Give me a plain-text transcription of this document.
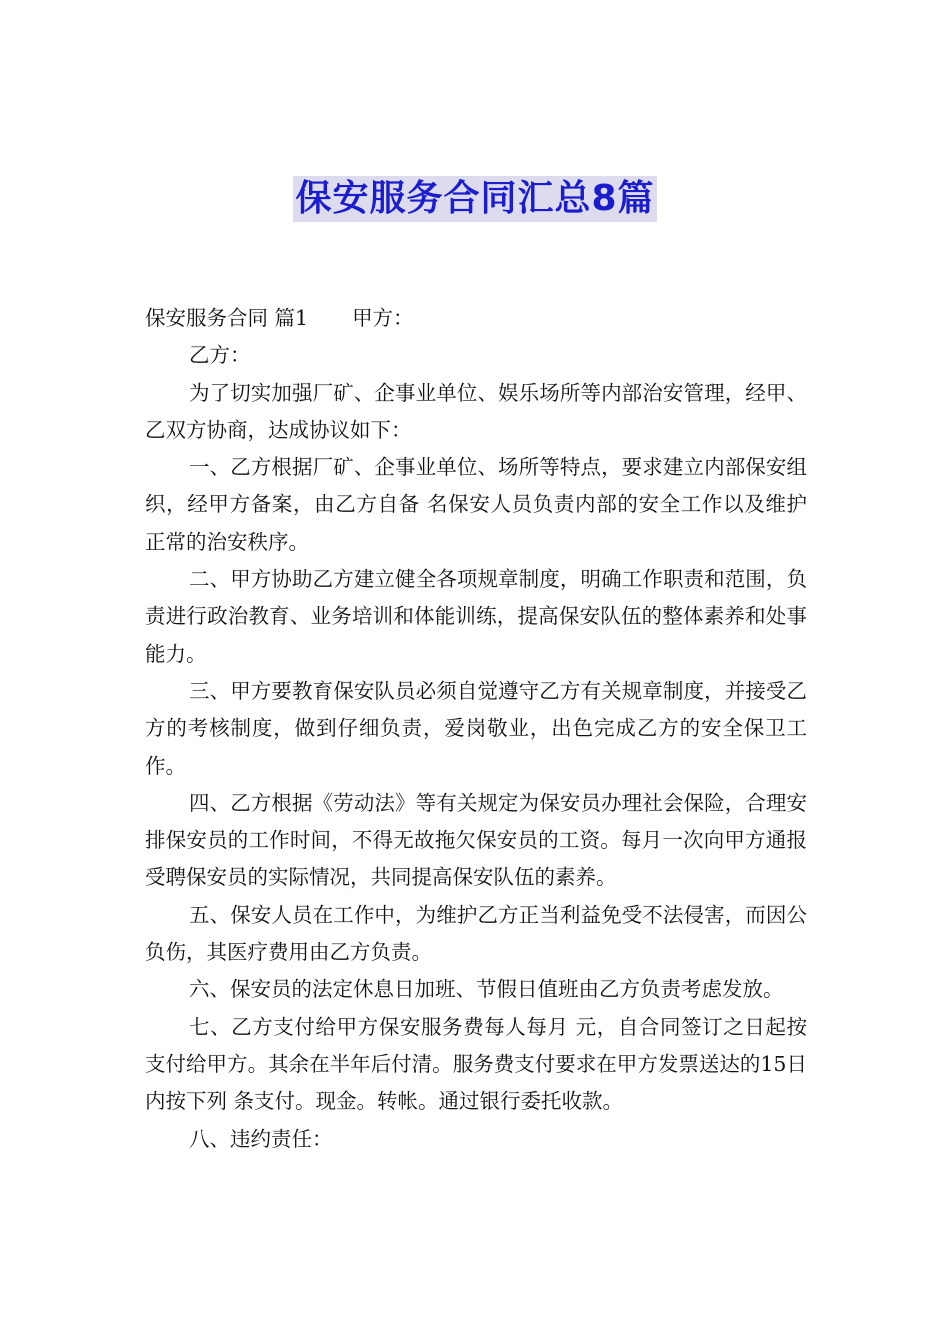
保安服务合同汇总8篇

保安服务合同 篇1 甲方：

乙方：

为了切实加强厂矿、企事业单位、娱乐场所等内部治安管理，经甲、乙双方协商，达成协议如下：

一、乙方根据厂矿、企事业单位、场所等特点，要求建立内部保安组织，经甲方备案，由乙方自备 名保安人员负责内部的安全工作以及维护正常的治安秩序。

二、甲方协助乙方建立健全各项规章制度，明确工作职责和范围，负责进行政治教育、业务培训和体能训练，提高保安队伍的整体素养和处事能力。

三、甲方要教育保安队员必须自觉遵守乙方有关规章制度，并接受乙方的考核制度，做到仔细负责，爱岗敬业，出色完成乙方的安全保卫工作。

四、乙方根据《劳动法》等有关规定为保安员办理社会保险，合理安排保安员的工作时间，不得无故拖欠保安员的工资。每月一次向甲方通报受聘保安员的实际情况，共同提高保安队伍的素养。

五、保安人员在工作中，为维护乙方正当利益免受不法侵害，而因公负伤，其医疗费用由乙方负责。

六、保安员的法定休息日加班、节假日值班由乙方负责考虑发放。

七、乙方支付给甲方保安服务费每人每月 元，自合同签订之日起按 支付给甲方。其余在半年后付清。服务费支付要求在甲方发票送达的15日内按下列 条支付。现金。转帐。通过银行委托收款。

八、违约责任：
